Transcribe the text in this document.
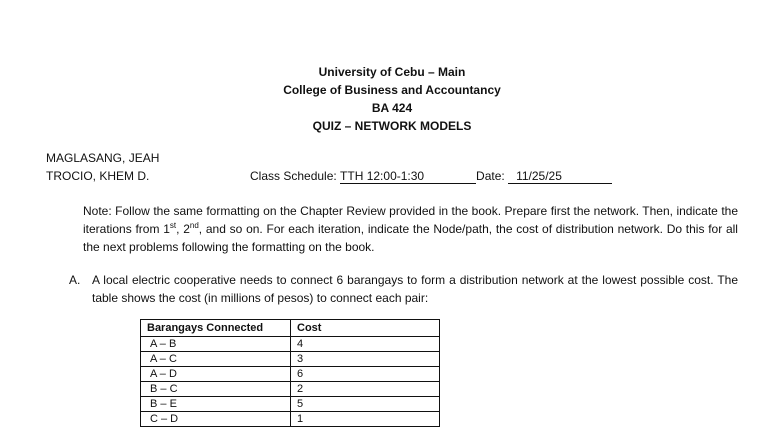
University of Cebu – Main
College of Business and Accountancy
BA 424
QUIZ – NETWORK MODELS
MAGLASANG, JEAH
TROCIO, KHEM D.	Class Schedule: TTH 12:00-1:30	Date: 11/25/25
Note: Follow the same formatting on the Chapter Review provided in the book. Prepare first the network. Then, indicate the iterations from 1st, 2nd, and so on. For each iteration, indicate the Node/path, the cost of distribution network. Do this for all the next problems following the formatting on the book.
A. A local electric cooperative needs to connect 6 barangays to form a distribution network at the lowest possible cost. The table shows the cost (in millions of pesos) to connect each pair:
Barangays Connected	Cost
A – B	4
A – C	3
A – D	6
B – C	2
B – E	5
C – D	1
